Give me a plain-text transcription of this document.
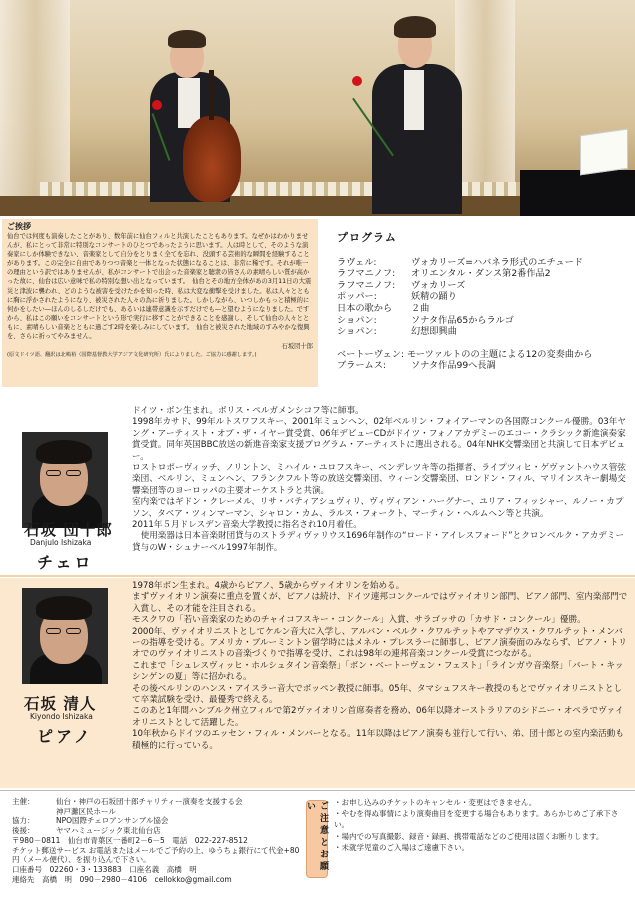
ご挨拶

仙台では何度も演奏したことがあり、数年前に仙台フィルと共演したこともあります。なぜかはわかりませんが、私にとって非常に特別なコンサートのひとつであったように思います。人は時として、そのような演奏家にしか体験できない、音楽家として自分をとりまく全てを忘れ、没頭する芸術的な瞬間を経験することがあります。この完全に自由でありつつ音楽と一体となった状態になることは、非常に稀です。それが唯一の理由という訳ではありませんが、私がコンサートで出会った音楽家と聴衆の皆さんの素晴らしい質が高かった故に、仙台は広い意味で私の特別な想い出となっています。　仙台とその地方全体があの3月11日の大震災と津波に襲われ、どのような被害を受けたかを知った時、私は大変な衝撃を受けました。私は人々とともに胸に浮かされたようになり、被災された人々の為に祈りました。しかしながら、いつしかもっと積極的に何かをしたい—ほんのしるしだけでも、あるいは連帯意識を示すだけでも—と望むようになりました。ですから、私はこの願いをコンサートという形で実行に移すことができることを感謝し、そして仙台の人々とともに、素晴らしい音楽とともに過ごす2時を楽しみにしています。　仙台と被災された地域のすみやかな復興を、さらに祈ってやみません。

石坂団十郎

(原文ドイツ語、翻訳は北嶋裕（国際基督教大学アジア文化研究所）氏によりました。ご協力に感謝します。)

プログラム
ラヴェル:	ヴォカリーズ=ハバネラ形式のエチュード
ラフマニノフ:	オリエンタル・ダンス第2番作品2
ラフマニノフ:	ヴォカリーズ
ポッパー:	妖精の踊り
日本の歌から	２曲
ショパン:	ソナタ作品65からラルゴ
ショパン:	幻想即興曲
ベートーヴェン: モーツァルトのの主題による12の変奏曲から
ブラームス:	ソナタ作品99へ長調
石坂 団十郎
Danjulo Ishizaka
チェロ

ドイツ・ボン生まれ。ボリス・ペルガメンシコフ等に師事。

1998年カサド、99年ルトスワフスキー、2001年ミュンヘン、02年ベルリン・フォイアーマンの各国際コンクール優勝。03年ヤング・アーティスト・オブ・ザ・イヤー賞受賞、06年デビューCDがドイツ・フォノアカデミーのエコー・クラシック新進演奏家賞受賞。同年英国BBC放送の新進音楽家支援プログラム・アーティストに選出される。04年NHK交響楽団と共演して日本デビュー。

ロストロポーヴィッチ、ノリントン、ミハイル・ユロフスキー、ベンデレツキ等の指揮者、ライプツィヒ・ゲヴァントハウス管弦楽団、ベルリン、ミュンヘン、フランクフルト等の放送交響楽団、ウィーン交響楽団、ロンドン・フィル、マリインスキー劇場交響楽団等のヨーロッパの主要オーケストラと共演。

室内楽ではギドン・クレーメル、リサ・バティアシュヴィリ、ヴィヴィアン・ハーグナー、ユリア・フィッシャー、ルノー・カプソン、タベア・ツィンマーマン、シャロン・カム、ラルス・フォークト、マーティン・ヘルムヘン等と共演。

2011年５月ドレスデン音楽大学教授に指名され10月着任。

　使用楽器は日本音楽財団貸与のストラディヴァリウス1696年制作の“ロード・アイレスフォード”とクロンベルク・アカデミー貸与のW・シュナーベル1997年制作。

石坂 清人
Kiyondo Ishizaka
ピアノ

1978年ボン生まれ。4歳からピアノ、5歳からヴァイオリンを始める。

まずヴァイオリン演奏に重点を置くが、ピアノは続け、ドイツ連邦コンクールではヴァイオリン部門、ピアノ部門、室内楽部門で入賞し、その才能を注目される。

モスクワの「若い音楽家のためのチャイコフスキー・コンクール」入賞、サラゴッサの「カサド・コンクール」優勝。

2000年、ヴァイオリニストとしてケルン音大に入学し、アルバン・ベルク・クワルテットやアマデウス・クワルテット・メンバーの指導を受ける。アメリカ・ブルーミントン留学時にはメネル・プレスラーに師事し、ピアノ演奏面のみならず、ピアノ・トリオでのヴァイオリニストの音楽づくりで指導を受け、これは98年の連邦音楽コンクール受賞につながる。

これまで「シュレスヴィッヒ・ホルシュタイン音楽祭」「ボン・ベートーヴェン・フェスト」「ラインガウ音楽祭」「バート・キッシンゲンの夏」等に招かれる。

その後ベルリンのハンス・アイスラー音大でボッペン教授に師事。05年、タマシュフスキー教授のもとでヴァイオリニストとして卒業試験を受け、最優秀で終える。

このあと1年間ハンブルク州立フィルで第2ヴァイオリン首席奏者を務め、06年以降オーストラリアのシドニー・オペラでヴァイオリニストとして活躍した。

10年秋からドイツのエッセン・フィル・メンバーとなる。11年以降はピアノ演奏も並行して行い、弟、団十郎との室内楽活動も積極的に行っている。

主催：	仙台・神戸の石坂団十郎チャリティー演奏を支援する会
神戸灘区民ホール
協力：	NPO国際チェロアンサンブル協会
後援：	ヤマハミュージック東北仙台店
〒980－0811　仙台市青葉区一番町2－6－5　電話　022-227-8512
チケット郵送サービス お電話またはメールでご予約の上、ゆうちょ銀行にて代金+80円（メール便代）、を振り込んで下さい。
口座番号　02260・3・133883　口座名義　高橋　明
連絡先　高橋　明　090－2980－4106　cellokko@gmail.com
ご注意とお願い
・	お申し込みのチケットのキャンセル・変更はできません。
・ やむを得ぬ事情により演奏曲目を変更する場合もあります。あらかじめご了承下さい。
・ 場内での写真撮影、録音・録画、携帯電話などのご使用は固くお断りします。
・ 未就学児童のご入場はご遠慮下さい。
